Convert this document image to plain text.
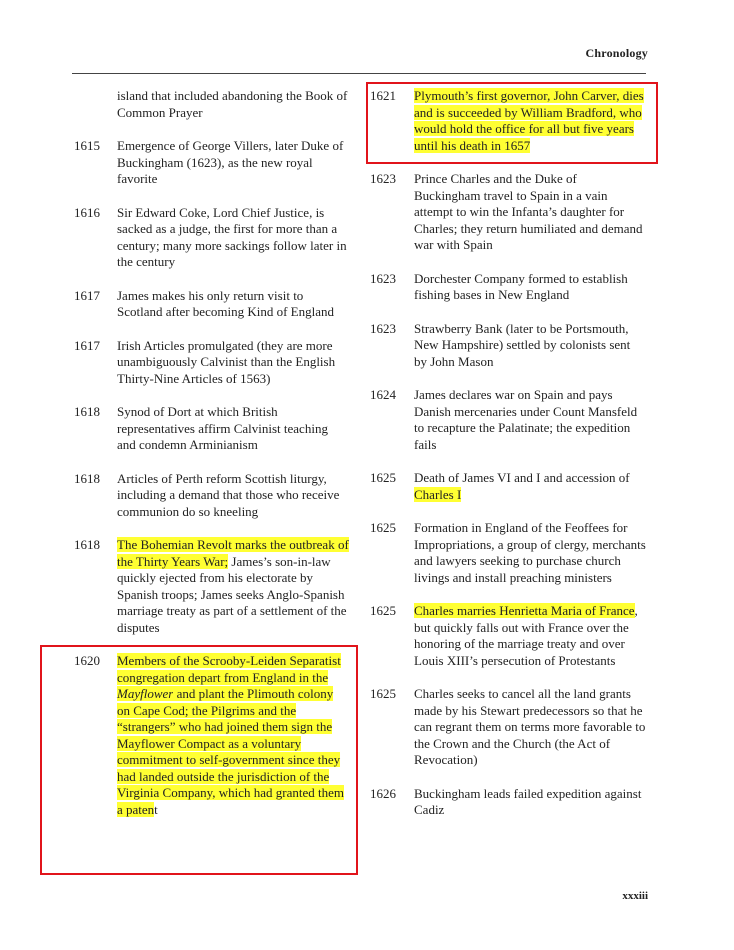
Chronology
island that included abandoning the Book of Common Prayer
1615 Emergence of George Villers, later Duke of Buckingham (1623), as the new royal favorite
1616 Sir Edward Coke, Lord Chief Justice, is sacked as a judge, the first for more than a century; many more sackings follow later in the century
1617 James makes his only return visit to Scotland after becoming Kind of England
1617 Irish Articles promulgated (they are more unambiguously Calvinist than the English Thirty-Nine Articles of 1563)
1618 Synod of Dort at which British representatives affirm Calvinist teaching and condemn Arminianism
1618 Articles of Perth reform Scottish liturgy, including a demand that those who receive communion do so kneeling
1618 The Bohemian Revolt marks the outbreak of the Thirty Years War; James’s son-in-law quickly ejected from his electorate by Spanish troops; James seeks Anglo-Spanish marriage treaty as part of a settlement of the disputes
1620 Members of the Scrooby-Leiden Separatist congregation depart from England in the Mayflower and plant the Plimouth colony on Cape Cod; the Pilgrims and the “strangers” who had joined them sign the Mayflower Compact as a voluntary commitment to self-government since they had landed outside the jurisdiction of the Virginia Company, which had granted them a patent
1621 Plymouth’s first governor, John Carver, dies and is succeeded by William Bradford, who would hold the office for all but five years until his death in 1657
1623 Prince Charles and the Duke of Buckingham travel to Spain in a vain attempt to win the Infanta’s daughter for Charles; they return humiliated and demand war with Spain
1623 Dorchester Company formed to establish fishing bases in New England
1623 Strawberry Bank (later to be Portsmouth, New Hampshire) settled by colonists sent by John Mason
1624 James declares war on Spain and pays Danish mercenaries under Count Mansfeld to recapture the Palatinate; the expedition fails
1625 Death of James VI and I and accession of Charles I
1625 Formation in England of the Feoffees for Impropriations, a group of clergy, merchants and lawyers seeking to purchase church livings and install preaching ministers
1625 Charles marries Henrietta Maria of France, but quickly falls out with France over the honoring of the marriage treaty and over Louis XIII’s persecution of Protestants
1625 Charles seeks to cancel all the land grants made by his Stewart predecessors so that he can regrant them on terms more favorable to the Crown and the Church (the Act of Revocation)
1626 Buckingham leads failed expedition against Cadiz
xxxiii
